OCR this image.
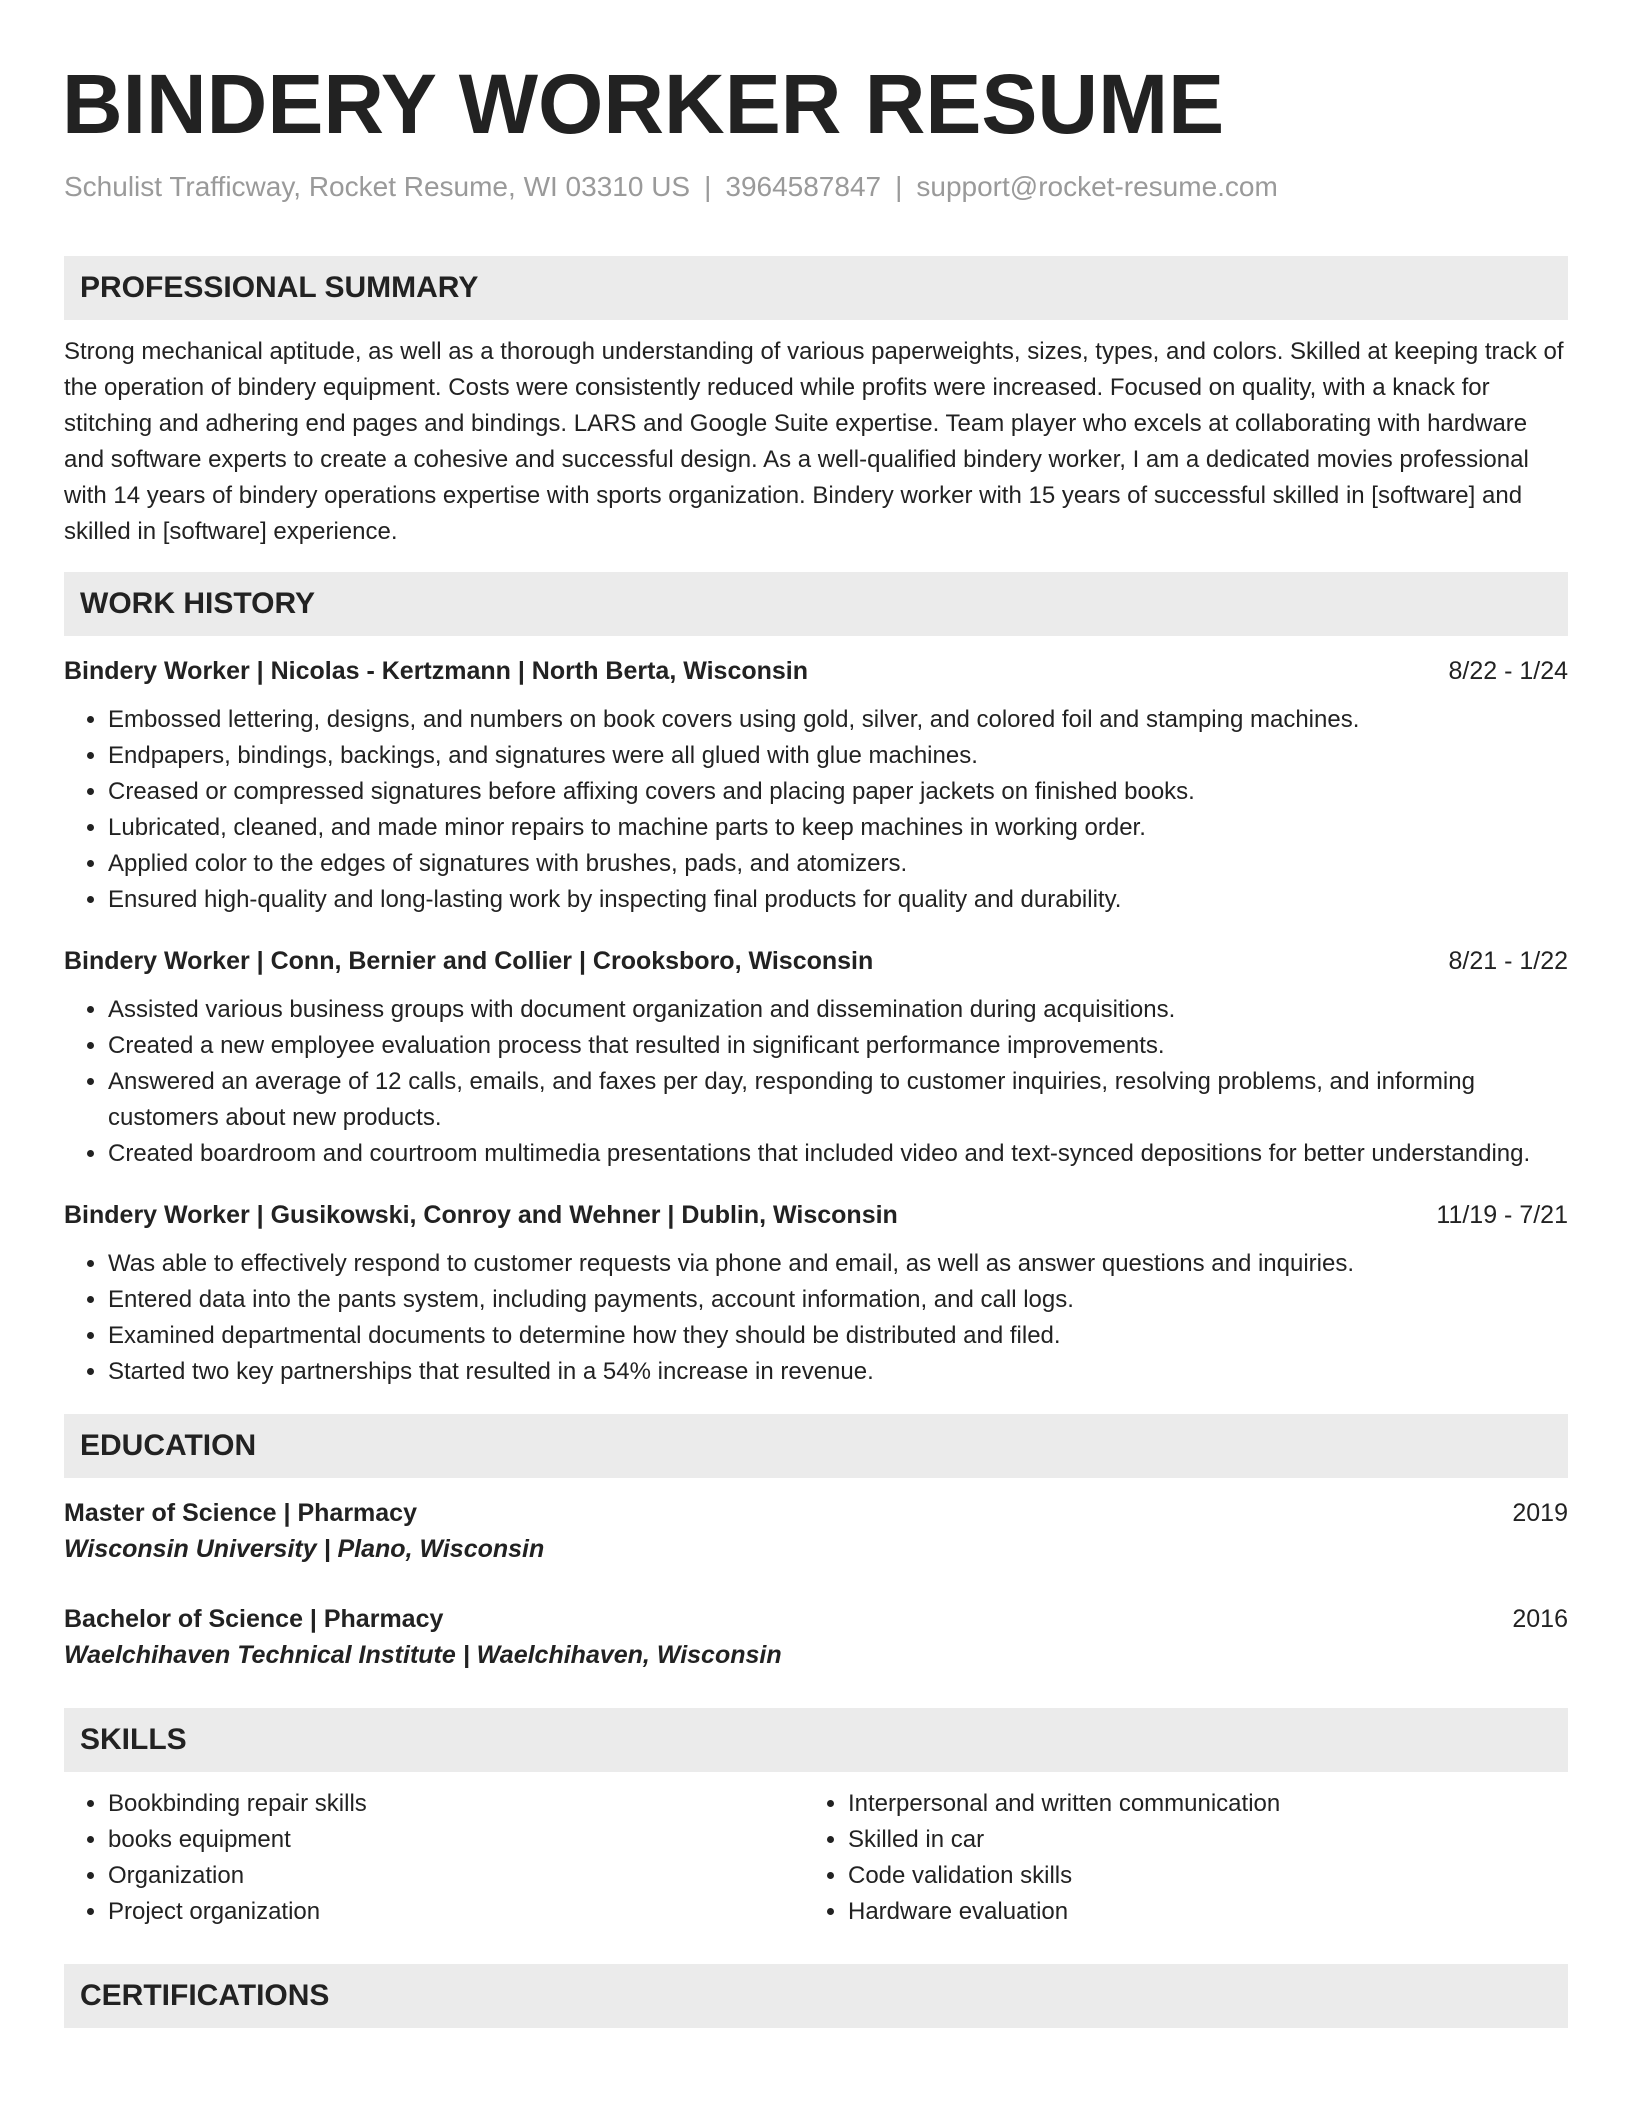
BINDERY WORKER RESUME
Schulist Trafficway, Rocket Resume, WI 03310 US | 3964587847 | support@rocket-resume.com
PROFESSIONAL SUMMARY
Strong mechanical aptitude, as well as a thorough understanding of various paperweights, sizes, types, and colors. Skilled at keeping track of the operation of bindery equipment. Costs were consistently reduced while profits were increased. Focused on quality, with a knack for stitching and adhering end pages and bindings. LARS and Google Suite expertise. Team player who excels at collaborating with hardware and software experts to create a cohesive and successful design. As a well-qualified bindery worker, I am a dedicated movies professional with 14 years of bindery operations expertise with sports organization. Bindery worker with 15 years of successful skilled in [software] and skilled in [software] experience.
WORK HISTORY
Bindery Worker | Nicolas - Kertzmann | North Berta, Wisconsin	8/22 - 1/24
• Embossed lettering, designs, and numbers on book covers using gold, silver, and colored foil and stamping machines.
• Endpapers, bindings, backings, and signatures were all glued with glue machines.
• Creased or compressed signatures before affixing covers and placing paper jackets on finished books.
• Lubricated, cleaned, and made minor repairs to machine parts to keep machines in working order.
• Applied color to the edges of signatures with brushes, pads, and atomizers.
• Ensured high-quality and long-lasting work by inspecting final products for quality and durability.
Bindery Worker | Conn, Bernier and Collier | Crooksboro, Wisconsin	8/21 - 1/22
• Assisted various business groups with document organization and dissemination during acquisitions.
• Created a new employee evaluation process that resulted in significant performance improvements.
• Answered an average of 12 calls, emails, and faxes per day, responding to customer inquiries, resolving problems, and informing customers about new products.
• Created boardroom and courtroom multimedia presentations that included video and text-synced depositions for better understanding.
Bindery Worker | Gusikowski, Conroy and Wehner | Dublin, Wisconsin	11/19 - 7/21
• Was able to effectively respond to customer requests via phone and email, as well as answer questions and inquiries.
• Entered data into the pants system, including payments, account information, and call logs.
• Examined departmental documents to determine how they should be distributed and filed.
• Started two key partnerships that resulted in a 54% increase in revenue.
EDUCATION
Master of Science | Pharmacy	2019
Wisconsin University | Plano, Wisconsin
Bachelor of Science | Pharmacy	2016
Waelchihaven Technical Institute | Waelchihaven, Wisconsin
SKILLS
• Bookbinding repair skills
• books equipment
• Organization
• Project organization
• Interpersonal and written communication
• Skilled in car
• Code validation skills
• Hardware evaluation
CERTIFICATIONS
